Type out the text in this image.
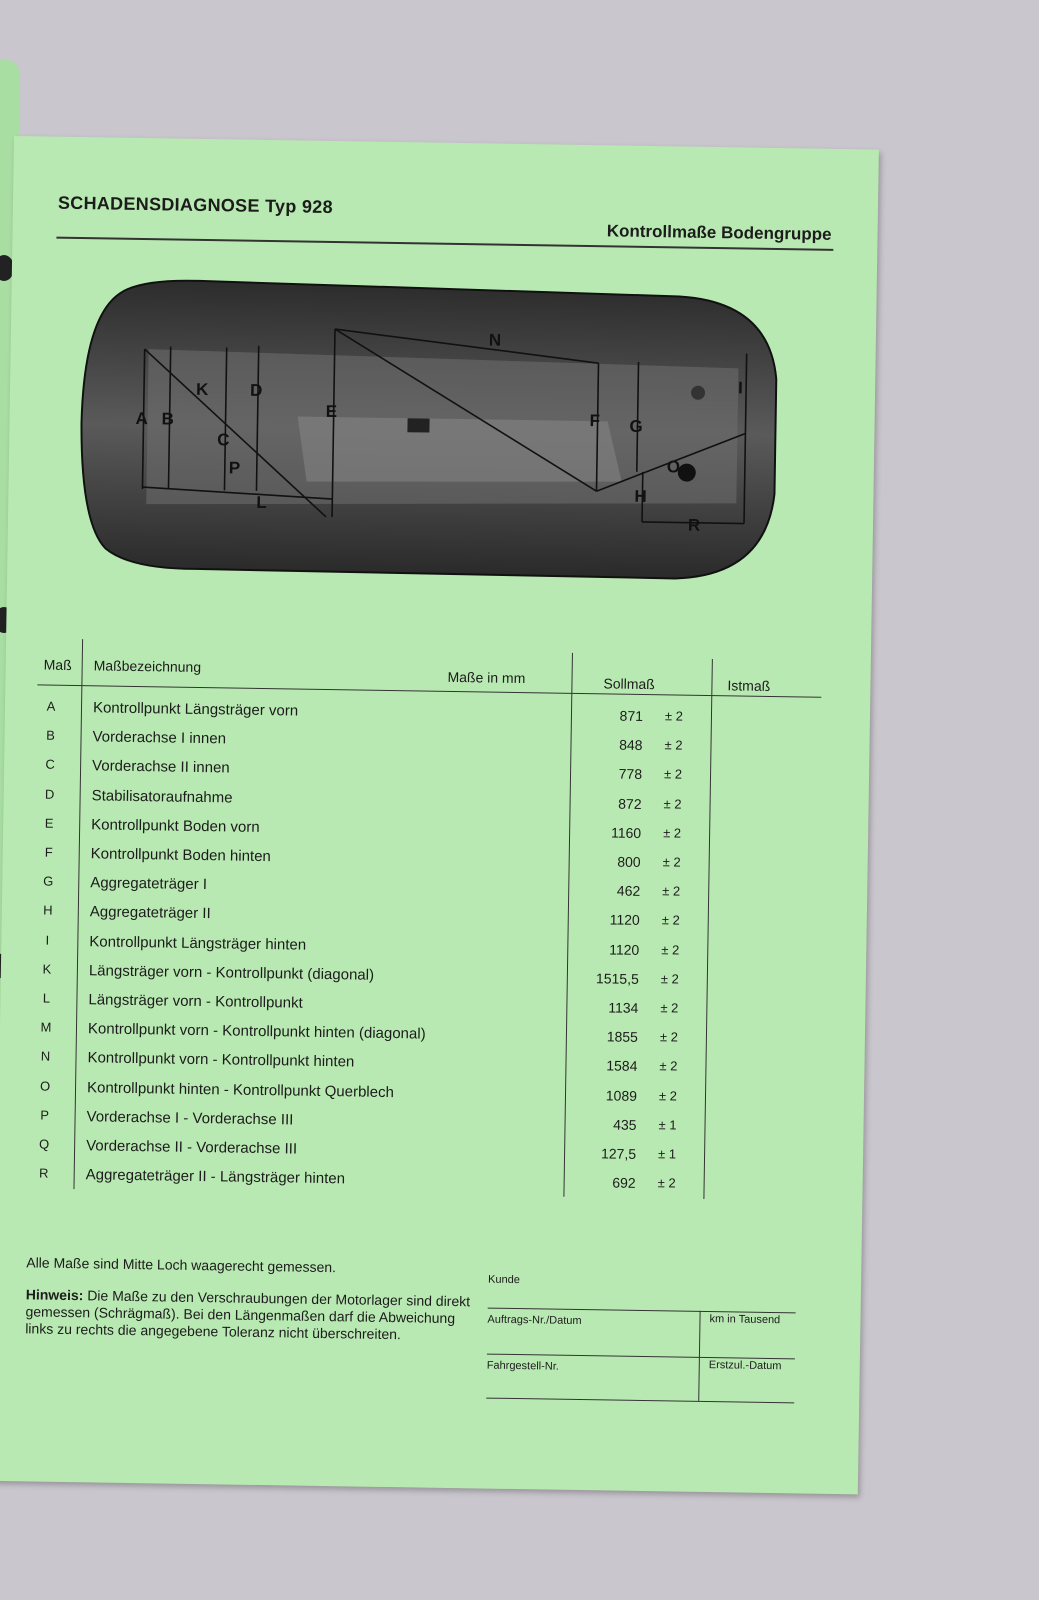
SCHADENSDIAGNOSE Typ 928
Kontrollmaße Bodengruppe
A B
C
D
E	F G
H
I
K
L
N
O
P
R
Maß Maßbezeichnung
Maße in mm	Sollmaß	Istmaß
A Kontrollpunkt Längsträger vorn	871 ± 2
B Vorderachse I innen	848 ± 2
C Vorderachse II innen	778 ± 2
D Stabilisatoraufnahme	872 ± 2
E Kontrollpunkt Boden vorn	1160 ± 2
F	Kontrollpunkt Boden hinten	800 ± 2
G Aggregateträger I	462 ± 2
H Aggregateträger II	1120 ± 2
I	Kontrollpunkt Längsträger hinten	1120 ± 2
K Längsträger vorn - Kontrollpunkt (diagonal)	1515,5 ± 2
L	Längsträger vorn - Kontrollpunkt	1134 ± 2
M Kontrollpunkt vorn - Kontrollpunkt hinten (diagonal)	1855 ± 2
N Kontrollpunkt vorn - Kontrollpunkt hinten	1584 ± 2
O Kontrollpunkt hinten - Kontrollpunkt Querblech	1089 ± 2
P Vorderachse I - Vorderachse III	435 ± 1
Q Vorderachse II - Vorderachse III	127,5 ± 1
R Aggregateträger II - Längsträger hinten	692 ± 2

Alle Maße sind Mitte Loch waagerecht gemessen.

Hinweis: Die Maße zu den Verschraubungen der Motorlager sind direkt gemessen (Schrägmaß). Bei den Längenmaßen darf die Abweichung links zu rechts die angegebene Toleranz nicht überschreiten.

Kunde
Auftrags-Nr./Datum	km in Tausend
Fahrgestell-Nr.	Erstzul.-Datum
